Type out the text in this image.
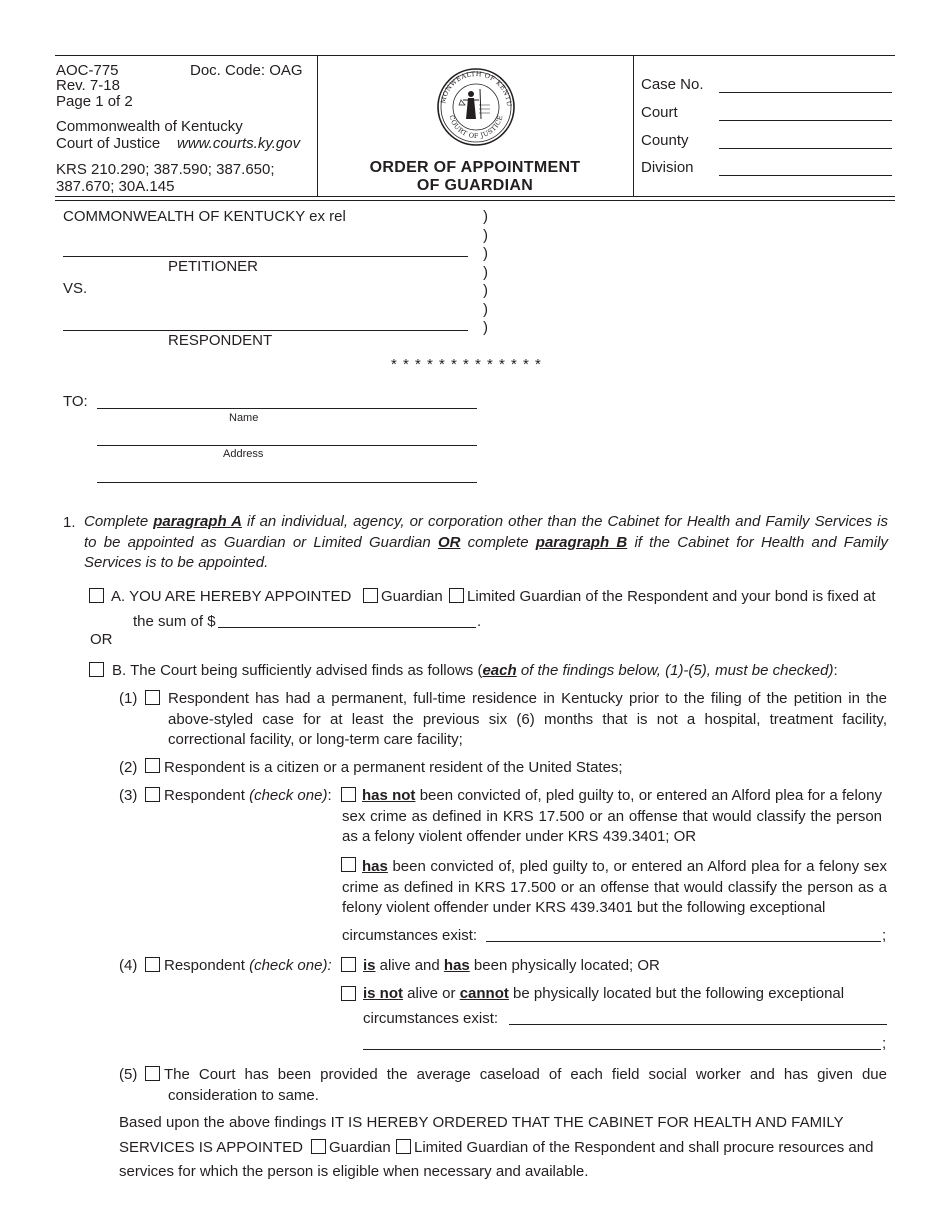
AOC-775	Doc. Code: OAG
Rev. 7-18
Page 1 of 2
Commonwealth of Kentucky
Court of Justice www.courts.ky.gov
KRS 210.290; 387.590; 387.650;
387.670; 30A.145
MONWEALTH OF KENTU
COURT OF JUSTICE
ORDER OF APPOINTMENT
OF GUARDIAN
Case No.
Court
County
Division
COMMONWEALTH OF KENTUCKY ex rel
PETITIONER
VS.
RESPONDENT
)
)
)
)
)
)
)
* * * * * * * * * * * * *
TO:
Name
Address
1. Complete paragraph A if an individual, agency, or corporation other than the Cabinet for Health and Family Services is to be appointed as Guardian or Limited Guardian OR complete paragraph B if the Cabinet for Health and Family Services is to be appointed.
A. YOU ARE HEREBY APPOINTED Guardian Limited Guardian of the Respondent and your bond is fixed at
the sum of $	.
OR
B. The Court being sufficiently advised finds as follows (each of the findings below, (1)-(5), must be checked):
(1) Respondent has had a permanent, full-time residence in Kentucky prior to the filing of the petition in the above-styled case for at least the previous six (6) months that is not a hospital, treatment facility, correctional facility, or long-term care facility;
(2) Respondent is a citizen or a permanent resident of the United States;
(3) Respondent (check one):	has not been convicted of, pled guilty to, or entered an Alford plea for a felony sex crime as defined in KRS 17.500 or an offense that would classify the person as a felony violent offender under KRS 439.3401; OR
has been convicted of, pled guilty to, or entered an Alford plea for a felony sex crime as defined in KRS 17.500 or an offense that would classify the person as a felony violent offender under KRS 439.3401 but the following exceptional
circumstances exist:	;
(4) Respondent (check one): is alive and has been physically located; OR
is not alive or cannot be physically located but the following exceptional
circumstances exist:
;
(5) The Court has been provided the average caseload of each field social worker and has given due consideration to same.
Based upon the above findings IT IS HEREBY ORDERED THAT THE CABINET FOR HEALTH AND FAMILY
SERVICES IS APPOINTED Guardian Limited Guardian of the Respondent and shall procure resources and
services for which the person is eligible when necessary and available.
